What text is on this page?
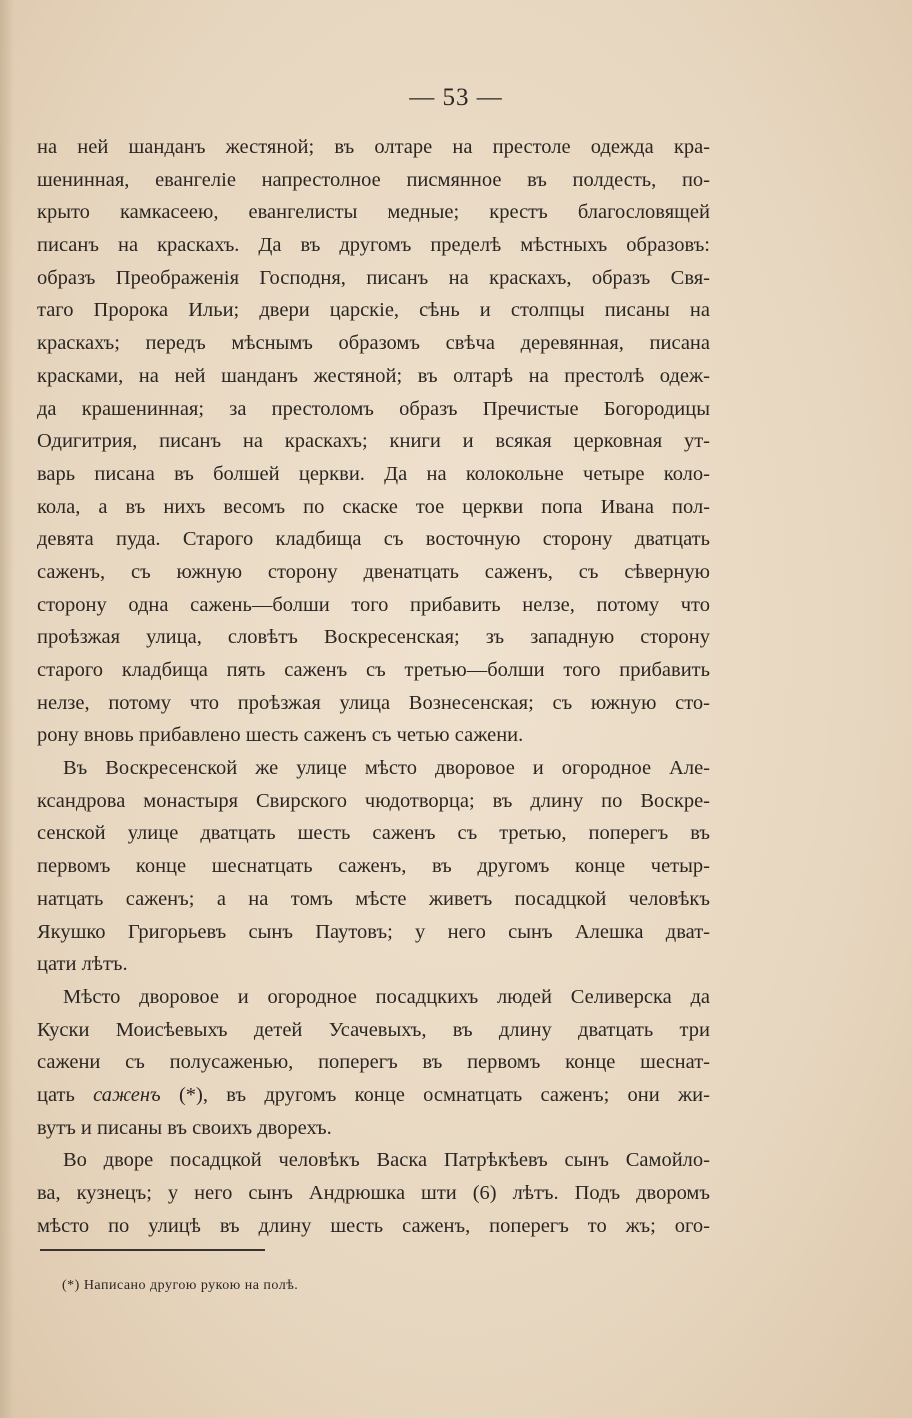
— 53 —

на ней шанданъ жестяной; въ олтаре на престоле одежда кра-
шенинная, евангеліе напрестолное писмянное въ полдесть, по-
крыто камкасеею, евангелисты медные; крестъ благословящей
писанъ на краскахъ. Да въ другомъ пределѣ мѣстныхъ образовъ:
образъ Преображенія Господня, писанъ на краскахъ, образъ Свя-
таго Пророка Ильи; двери царскіе, сѣнь и столпцы писаны на
краскахъ; передъ мѣснымъ образомъ свѣча деревянная, писана
красками, на ней шанданъ жестяной; въ олтарѣ на престолѣ одеж-
да крашенинная; за престоломъ образъ Пречистые Богородицы
Одигитрия, писанъ на краскахъ; книги и всякая церковная ут-
варь писана въ болшей церкви. Да на колокольне четыре коло-
кола, а въ нихъ весомъ по скаске тое церкви попа Ивана пол-
девята пуда. Старого кладбища съ восточную сторону дватцать
саженъ, съ южную сторону двенатцать саженъ, съ сѣверную
сторону одна сажень—болши того прибавить нелзе, потому что
проѣзжая улица, словѣтъ Воскресенская; зъ западную сторону
старого кладбища пять саженъ съ третью—болши того прибавить
нелзе, потому что проѣзжая улица Вознесенская; съ южную сто-
рону вновь прибавлено шесть саженъ съ четью сажени.

Въ Воскресенской же улице мѣсто дворовое и огородное Але-
ксандрова монастыря Свирского чюдотворца; въ длину по Воскре-
сенской улице дватцать шесть саженъ съ третью, поперегъ въ
первомъ конце шеснатцать саженъ, въ другомъ конце четыр-
натцать саженъ; а на томъ мѣсте живетъ посадцкой человѣкъ
Якушко Григорьевъ сынъ Паутовъ; у него сынъ Алешка дват-
цати лѣтъ.

Мѣсто дворовое и огородное посадцкихъ людей Селиверска да
Куски Моисѣевыхъ детей Усачевыхъ, въ длину дватцать три
сажени съ полусаженью, поперегъ въ первомъ конце шеснат-
цать саженъ (*), въ другомъ конце осмнатцать саженъ; они жи-
вутъ и писаны въ своихъ дворехъ.

Во дворе посадцкой человѣкъ Васка Патрѣкѣевъ сынъ Самойло-
ва, кузнецъ; у него сынъ Андрюшка шти (6) лѣтъ. Подъ дворомъ
мѣсто по улицѣ въ длину шесть саженъ, поперегъ то жъ; ого-

(*) Написано другою рукою на полѣ.
